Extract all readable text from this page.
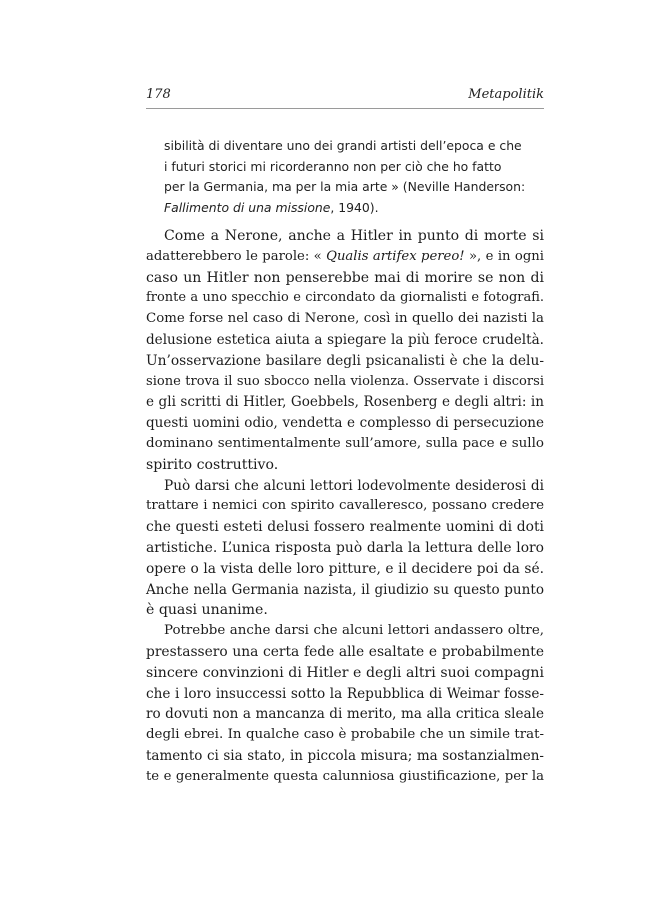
178	Metapolitik
sibilità di diventare uno dei grandi artisti dell’epoca e che
i futuri storici mi ricorderanno non per ciò che ho fatto
per la Germania, ma per la mia arte » (Neville Handerson:
Fallimento di una missione, 1940).
Come a Nerone, anche a Hitler in punto di morte si
adatterebbero le parole: « Qualis artifex pereo! », e in ogni
caso un Hitler non penserebbe mai di morire se non di
fronte a uno specchio e circondato da giornalisti e fotografi.
Come forse nel caso di Nerone, così in quello dei nazisti la
delusione estetica aiuta a spiegare la più feroce crudeltà.
Un’osservazione basilare degli psicanalisti è che la delu-
sione trova il suo sbocco nella violenza. Osservate i discorsi
e gli scritti di Hitler, Goebbels, Rosenberg e degli altri: in
questi uomini odio, vendetta e complesso di persecuzione
dominano sentimentalmente sull’amore, sulla pace e sullo
spirito costruttivo.
Può darsi che alcuni lettori lodevolmente desiderosi di
trattare i nemici con spirito cavalleresco, possano credere
che questi esteti delusi fossero realmente uomini di doti
artistiche. L’unica risposta può darla la lettura delle loro
opere o la vista delle loro pitture, e il decidere poi da sé.
Anche nella Germania nazista, il giudizio su questo punto
è quasi unanime.
Potrebbe anche darsi che alcuni lettori andassero oltre,
prestassero una certa fede alle esaltate e probabilmente
sincere convinzioni di Hitler e degli altri suoi compagni
che i loro insuccessi sotto la Repubblica di Weimar fosse-
ro dovuti non a mancanza di merito, ma alla critica sleale
degli ebrei. In qualche caso è probabile che un simile trat-
tamento ci sia stato, in piccola misura; ma sostanzialmen-
te e generalmente questa calunniosa giustificazione, per la
